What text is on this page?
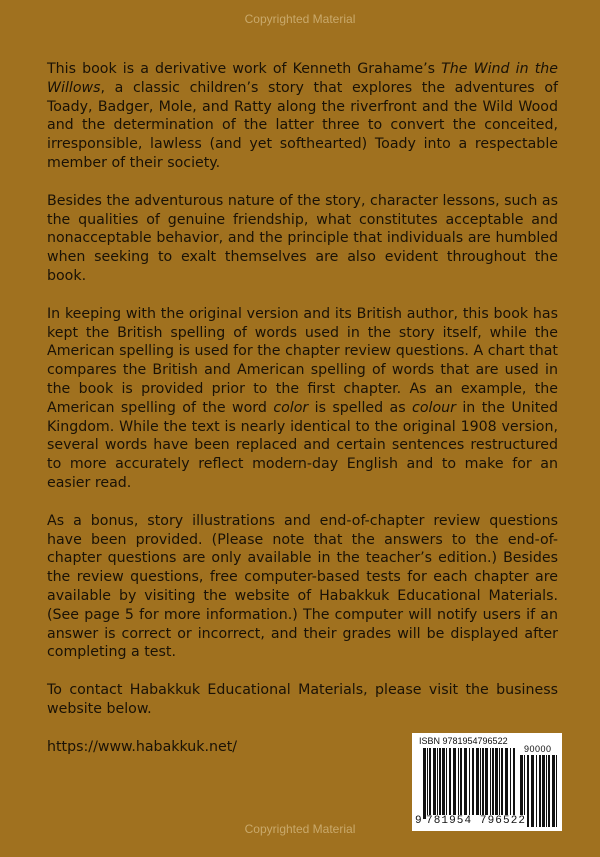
Copyrighted Material

This book is a derivative work of Kenneth Grahame’s The Wind in the Willows, a classic children’s story that explores the adventures of Toady, Badger, Mole, and Ratty along the riverfront and the Wild Wood and the determination of the latter three to convert the conceited, irresponsible, lawless (and yet softhearted) Toady into a respectable member of their society.

Besides the adventurous nature of the story, character lessons, such as the qualities of genuine friendship, what constitutes acceptable and nonacceptable behavior, and the principle that individuals are humbled when seeking to exalt themselves are also evident throughout the book.

In keeping with the original version and its British author, this book has kept the British spelling of words used in the story itself, while the American spelling is used for the chapter review questions. A chart that compares the British and American spelling of words that are used in the book is provided prior to the first chapter. As an example, the American spelling of the word color is spelled as colour in the United Kingdom. While the text is nearly identical to the original 1908 version, several words have been replaced and certain sentences restructured to more accurately reflect modern-day English and to make for an easier read.

As a bonus, story illustrations and end-of-chapter review questions have been provided. (Please note that the answers to the end-of-chapter questions are only available in the teacher’s edition.) Besides the review questions, free computer-based tests for each chapter are available by visiting the website of Habakkuk Educational Materials. (See page 5 for more information.) The computer will notify users if an answer is correct or incorrect, and their grades will be displayed after completing a test.

To contact Habakkuk Educational Materials, please visit the business website below.

https://www.habakkuk.net/	ISBN 9781954796522
90000
9 781954 796522
Copyrighted Material
